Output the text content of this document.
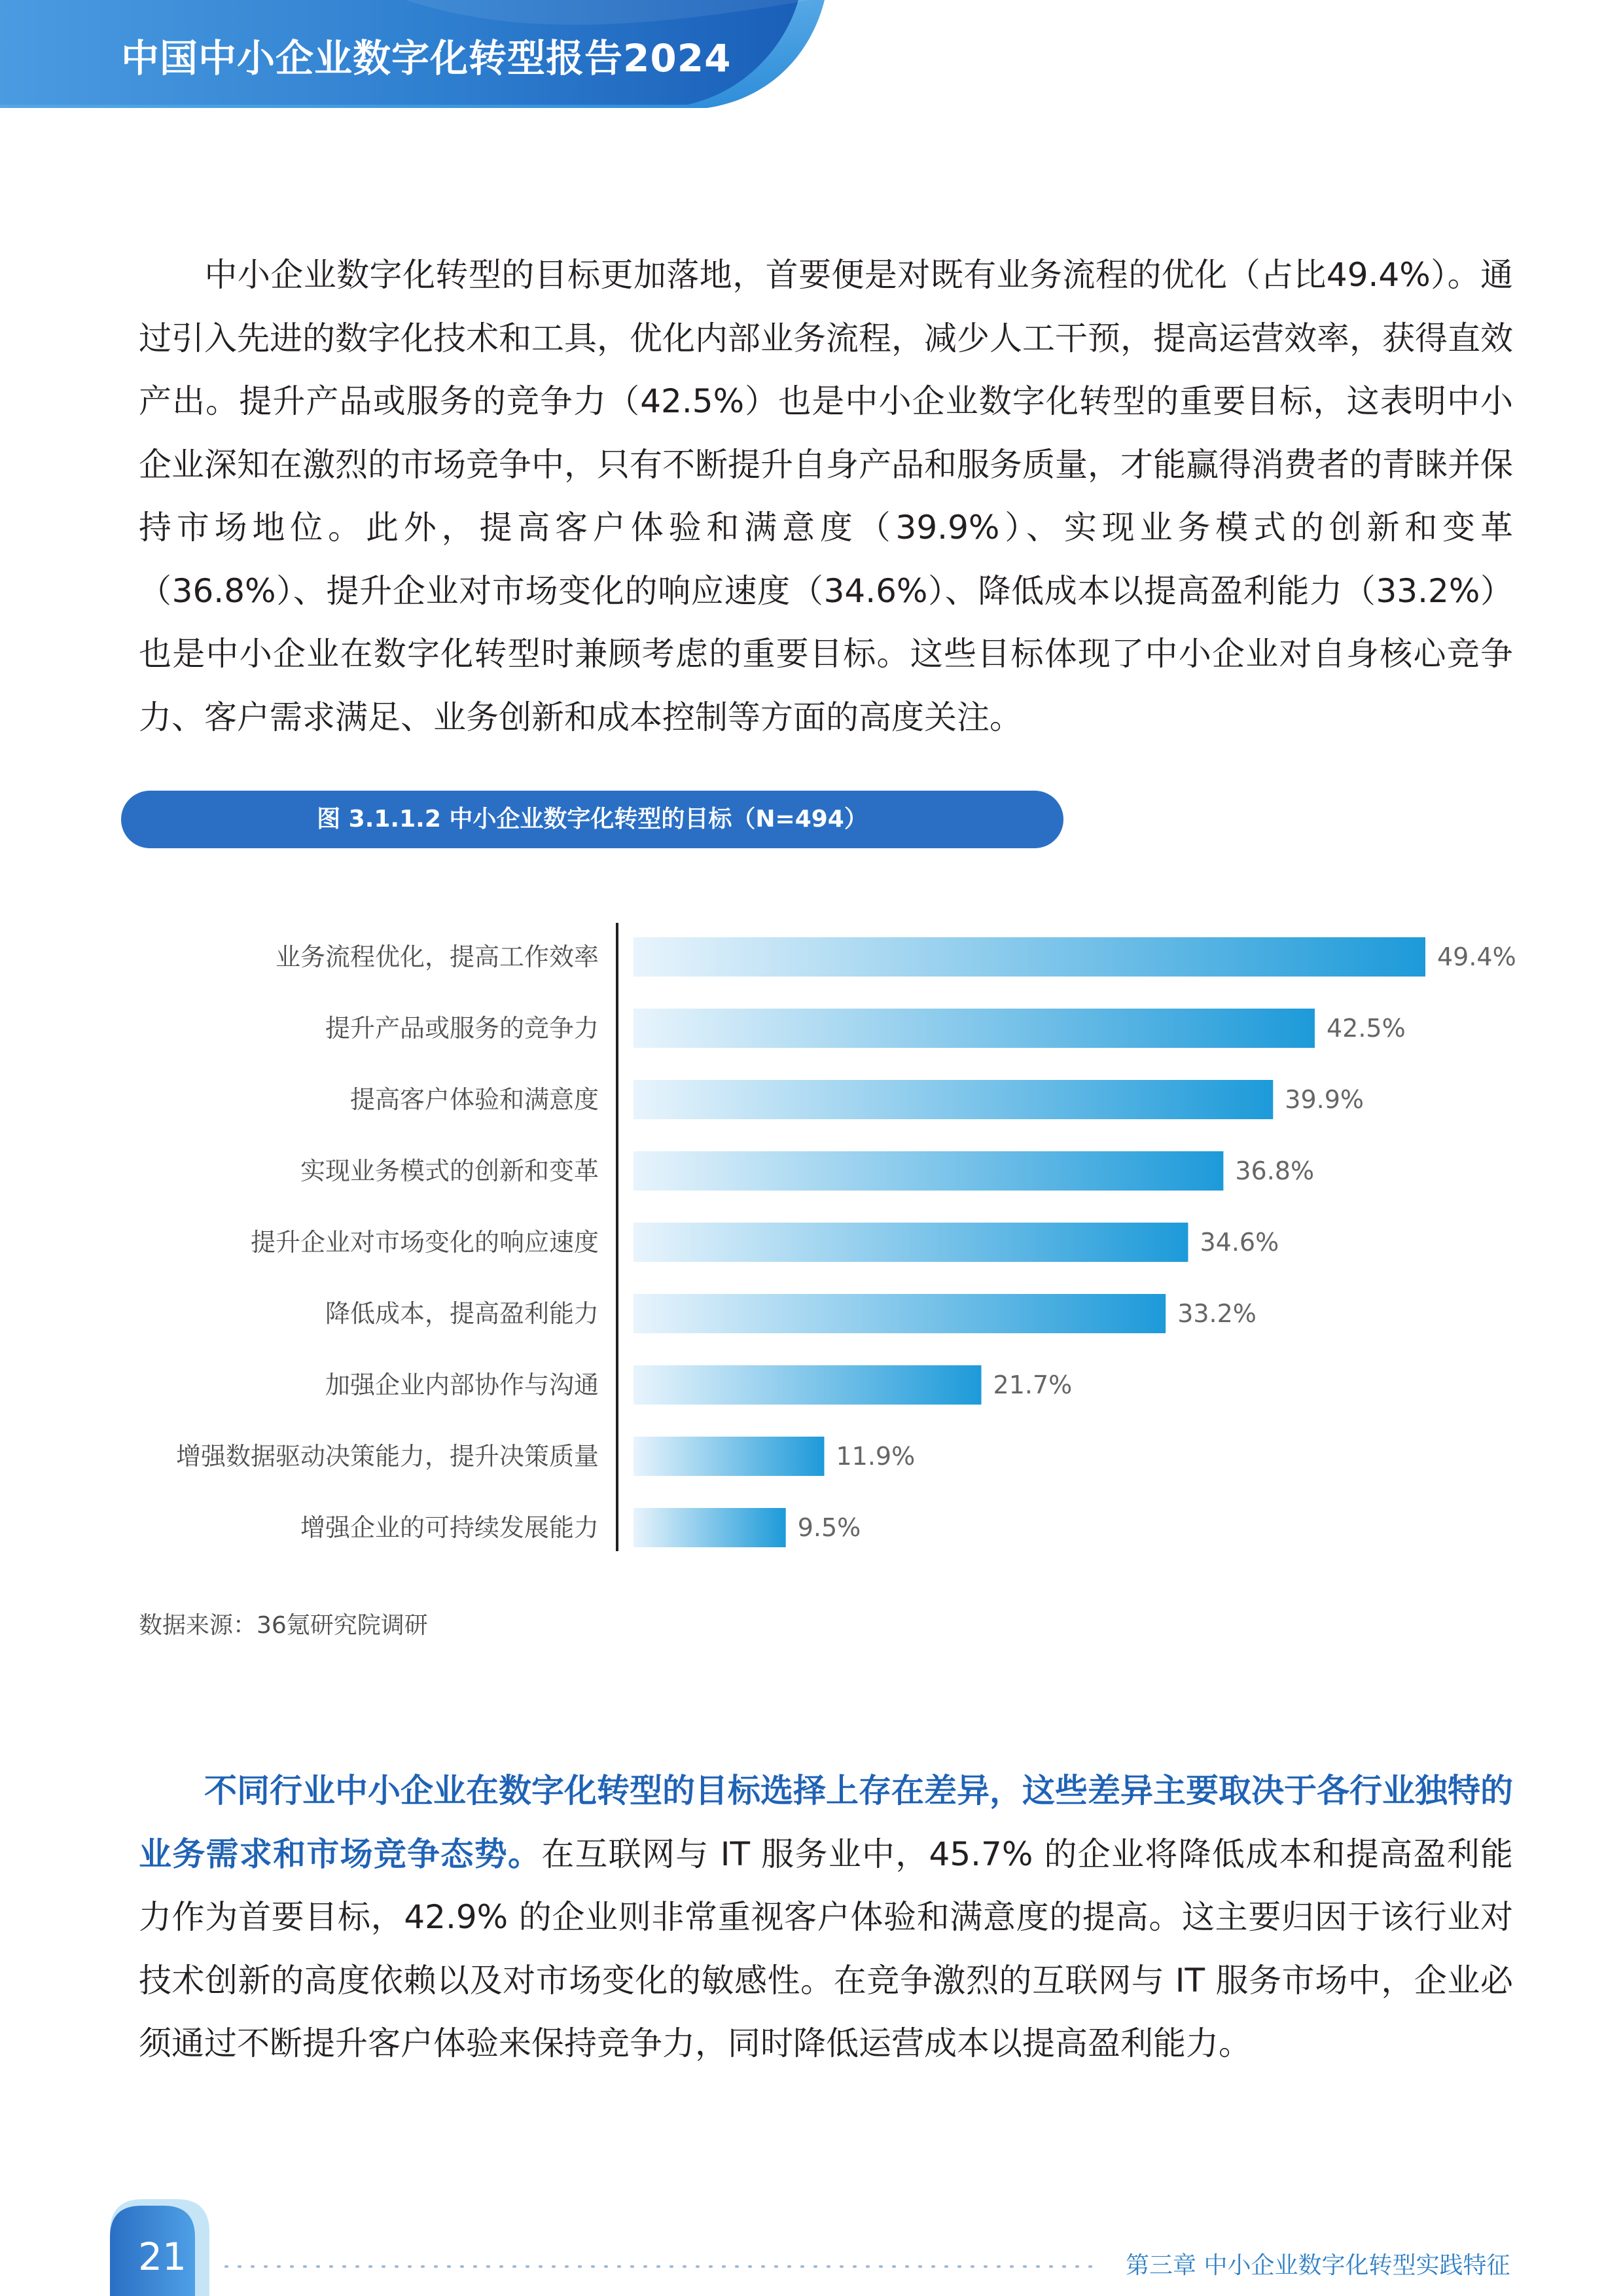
中国中小企业数字化转型报告2024

中小企业数字化转型的目标更加落地，首要便是对既有业务流程的优化（占比49.4%）。通过引入先进的数字化技术和工具，优化内部业务流程，减少人工干预，提高运营效率，获得直效产出。提升产品或服务的竞争力（42.5%）也是中小企业数字化转型的重要目标，这表明中小企业深知在激烈的市场竞争中，只有不断提升自身产品和服务质量，才能赢得消费者的青睐并保持市场地位。此外，提高客户体验和满意度（39.9%）、实现业务模式的创新和变革（36.8%）、提升企业对市场变化的响应速度（34.6%）、降低成本以提高盈利能力（33.2%）也是中小企业在数字化转型时兼顾考虑的重要目标。这些目标体现了中小企业对自身核心竞争力、客户需求满足、业务创新和成本控制等方面的高度关注。

图 3.1.1.2 中小企业数字化转型的目标（N=494）
业务流程优化，提高工作效率	49.4%
提升产品或服务的竞争力	42.5%
提高客户体验和满意度	39.9%
实现业务模式的创新和变革	36.8%
提升企业对市场变化的响应速度	34.6%
降低成本，提高盈利能力	33.2%
加强企业内部协作与沟通	21.7%
增强数据驱动决策能力，提升决策质量	11.9%
增强企业的可持续发展能力	9.5%
数据来源：36氪研究院调研

不同行业中小企业在数字化转型的目标选择上存在差异，这些差异主要取决于各行业独特的业务需求和市场竞争态势。在互联网与 IT 服务业中，45.7% 的企业将降低成本和提高盈利能力作为首要目标，42.9% 的企业则非常重视客户体验和满意度的提高。这主要归因于该行业对技术创新的高度依赖以及对市场变化的敏感性。在竞争激烈的互联网与 IT 服务市场中，企业必须通过不断提升客户体验来保持竞争力，同时降低运营成本以提高盈利能力。

21	第三章 中小企业数字化转型实践特征
